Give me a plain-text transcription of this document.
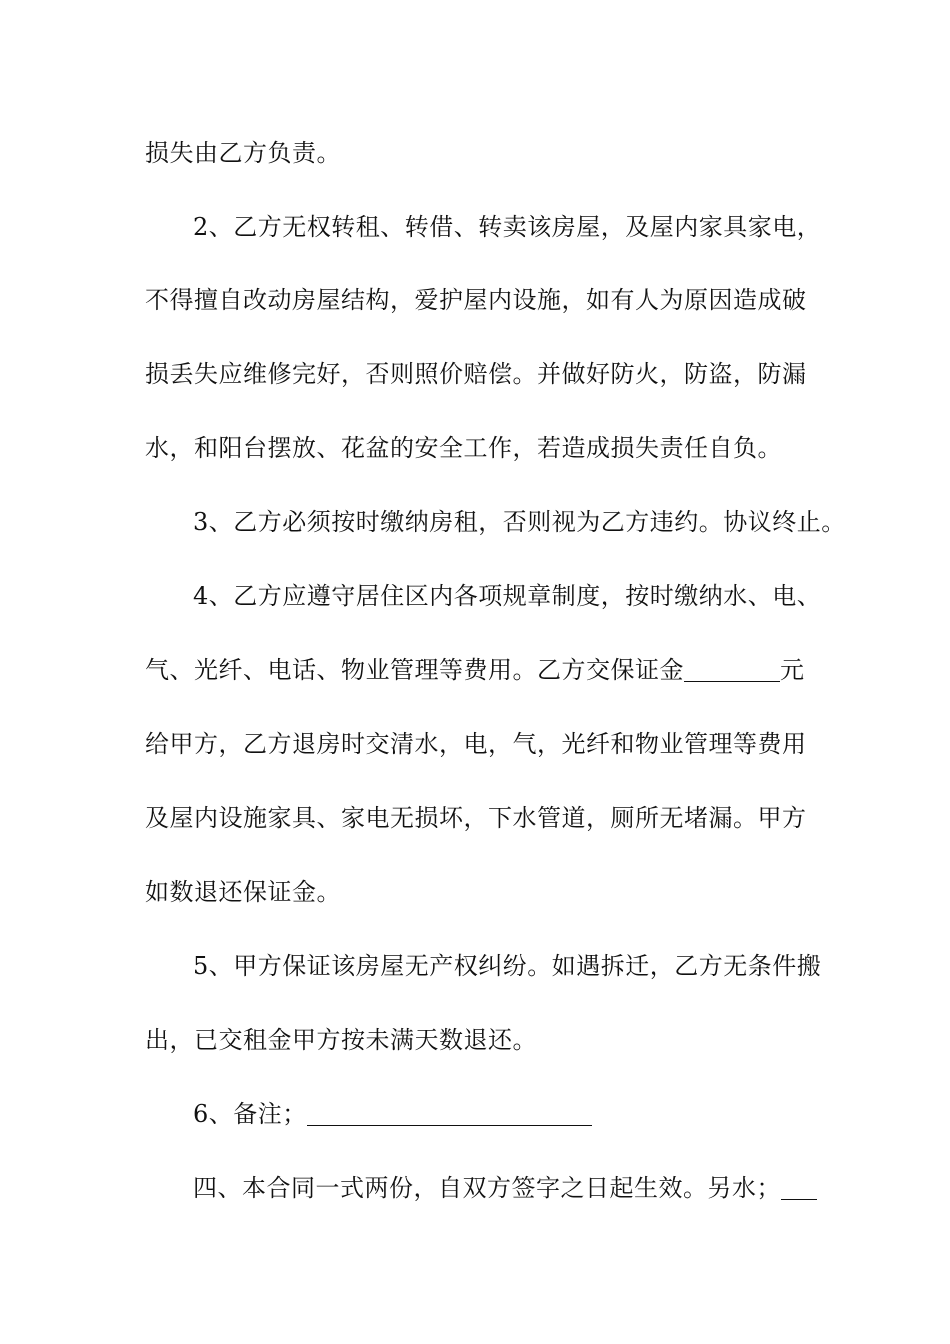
损失由乙方负责。
2、乙方无权转租、转借、转卖该房屋，及屋内家具家电，
不得擅自改动房屋结构，爱护屋内设施，如有人为原因造成破
损丢失应维修完好，否则照价赔偿。并做好防火，防盗，防漏
水，和阳台摆放、花盆的安全工作，若造成损失责任自负。
3、乙方必须按时缴纳房租，否则视为乙方违约。协议终止。
4、乙方应遵守居住区内各项规章制度，按时缴纳水、电、
气、光纤、电话、物业管理等费用。乙方交保证金	元
给甲方，乙方退房时交清水，电，气，光纤和物业管理等费用
及屋内设施家具、家电无损坏，下水管道，厕所无堵漏。甲方
如数退还保证金。
5、甲方保证该房屋无产权纠纷。如遇拆迁，乙方无条件搬
出，已交租金甲方按未满天数退还。
6、备注；
四、本合同一式两份，自双方签字之日起生效。另水；
